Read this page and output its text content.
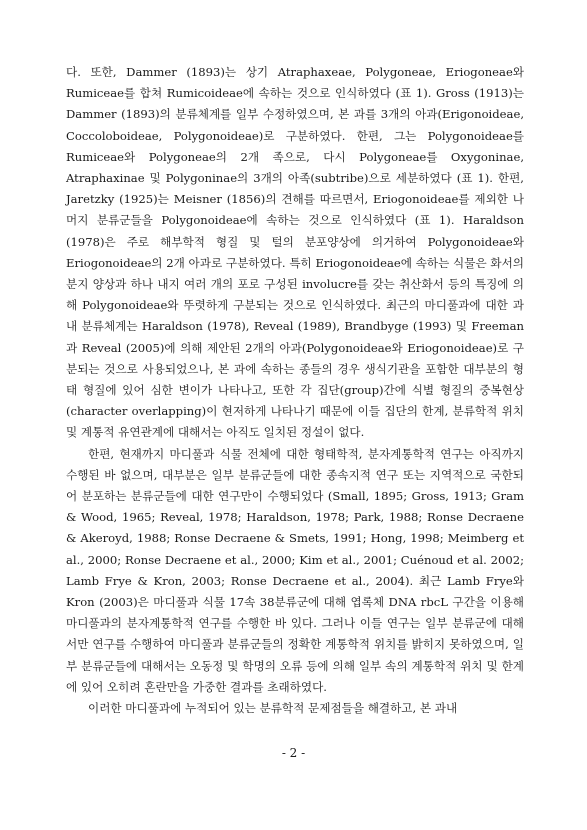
다. 또한, Dammer (1893)는 상기 Atraphaxeae, Polygoneae, Eriogoneae와 Rumiceae를 합쳐 Rumicoideae에 속하는 것으로 인식하였다 (표 1). Gross (1913)는 Dammer (1893)의 분류체계를 일부 수정하였으며, 본 과를 3개의 아과(Erigonoideae, Coccoloboideae, Polygonoideae)로 구분하였다. 한편, 그는 Polygonoideae를 Rumiceae와 Polygoneae의 2개 족으로, 다시 Polygoneae를 Oxygoninae, Atraphaxinae 및 Polygoninae의 3개의 아족(subtribe)으로 세분하였다 (표 1). 한편, Jaretzky (1925)는 Meisner (1856)의 견해를 따르면서, Eriogonoideae를 제외한 나머지 분류군들을 Polygonoideae에 속하는 것으로 인식하였다 (표 1). Haraldson (1978)은 주로 해부학적 형질 및 털의 분포양상에 의거하여 Polygonoideae와 Eriogonoideae의 2개 아과로 구분하였다. 특히 Eriogonoideae에 속하는 식물은 화서의 분지 양상과 하나 내지 여러 개의 포로 구성된 involucre를 갖는 취산화서 등의 특징에 의해 Polygonoideae와 뚜렷하게 구분되는 것으로 인식하였다. 최근의 마디풀과에 대한 과내 분류체계는 Haraldson (1978), Reveal (1989), Brandbyge (1993) 및 Freeman과 Reveal (2005)에 의해 제안된 2개의 아과(Polygonoideae와 Eriogonoideae)로 구분되는 것으로 사용되었으나, 본 과에 속하는 종들의 경우 생식기관을 포함한 대부분의 형태 형질에 있어 심한 변이가 나타나고, 또한 각 집단(group)간에 식별 형질의 중복현상(character overlapping)이 현저하게 나타나기 때문에 이들 집단의 한계, 분류학적 위치 및 계통적 유연관계에 대해서는 아직도 일치된 정설이 없다.

한편, 현재까지 마디풀과 식물 전체에 대한 형태학적, 분자계통학적 연구는 아직까지 수행된 바 없으며, 대부분은 일부 분류군들에 대한 종속지적 연구 또는 지역적으로 국한되어 분포하는 분류군들에 대한 연구만이 수행되었다 (Small, 1895; Gross, 1913; Gram & Wood, 1965; Reveal, 1978; Haraldson, 1978; Park, 1988; Ronse Decraene & Akeroyd, 1988; Ronse Decraene & Smets, 1991; Hong, 1998; Meimberg et al., 2000; Ronse Decraene et al., 2000; Kim et al., 2001; Cuénoud et al. 2002; Lamb Frye & Kron, 2003; Ronse Decraene et al., 2004). 최근 Lamb Frye와 Kron (2003)은 마디풀과 식물 17속 38분류군에 대해 엽록체 DNA rbcL 구간을 이용해 마디풀과의 분자계통학적 연구를 수행한 바 있다. 그러나 이들 연구는 일부 분류군에 대해서만 연구를 수행하여 마디풀과 분류군들의 정확한 계통학적 위치를 밝히지 못하였으며, 일부 분류군들에 대해서는 오동정 및 학명의 오류 등에 의해 일부 속의 계통학적 위치 및 한계에 있어 오히려 혼란만을 가중한 결과를 초래하였다.

이러한 마디풀과에 누적되어 있는 분류학적 문제점들을 해결하고, 본 과내

- 2 -
